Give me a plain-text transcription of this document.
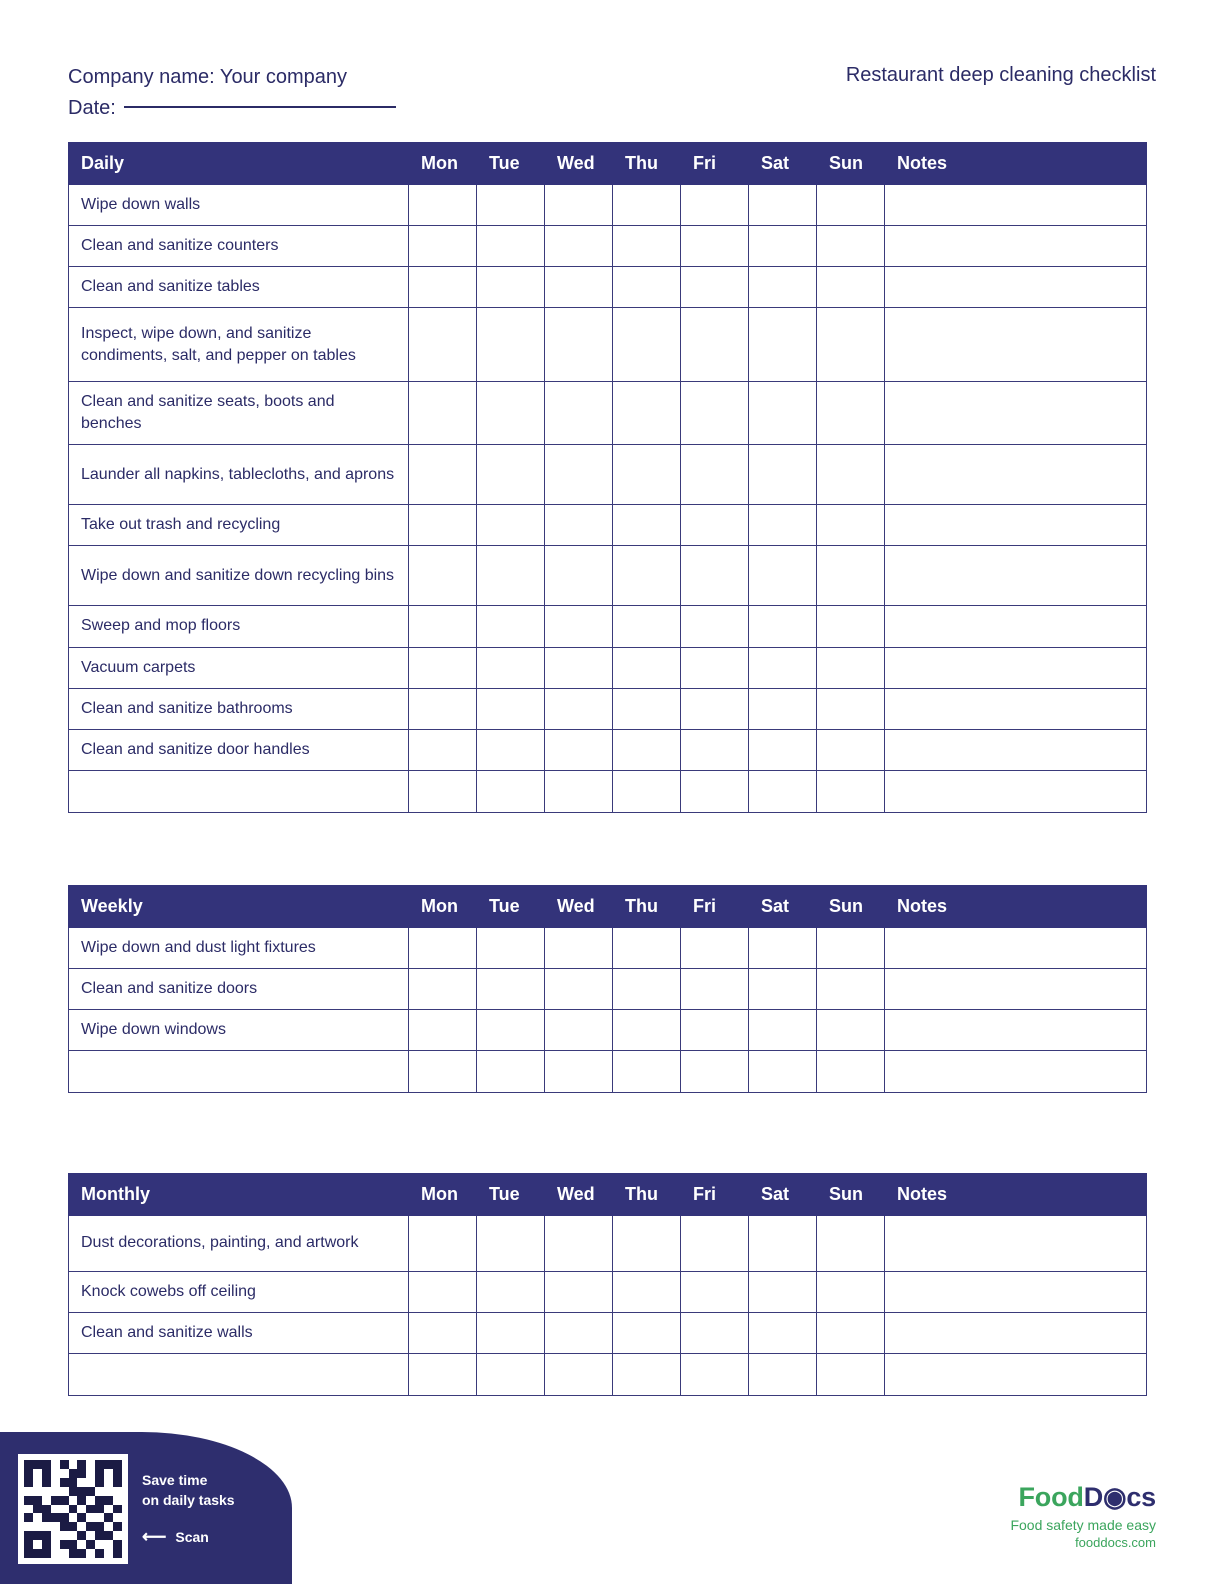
Company name: Your company
Date:
Restaurant deep cleaning checklist
Daily	Mon	Tue	Wed	Thu	Fri	Sat	Sun	Notes
Wipe down walls								
Clean and sanitize counters								
Clean and sanitize tables								
Inspect, wipe down, and sanitize condiments, salt, and pepper on tables								
Clean and sanitize seats, boots and benches								
Launder all napkins, tablecloths, and aprons								
Take out trash and recycling								
Wipe down and sanitize down recycling bins								
Sweep and mop floors								
Vacuum carpets								
Clean and sanitize bathrooms								
Clean and sanitize door handles								

Weekly	Mon	Tue	Wed	Thu	Fri	Sat	Sun	Notes
Wipe down and dust light fixtures								
Clean and sanitize doors								
Wipe down windows								

Monthly	Mon	Tue	Wed	Thu	Fri	Sat	Sun	Notes
Dust decorations, painting, and artwork								
Knock cowebs off ceiling								
Clean and sanitize walls								

Save time
on daily tasks
⟵ Scan
FoodD◉cs
Food safety made easy
fooddocs.com
